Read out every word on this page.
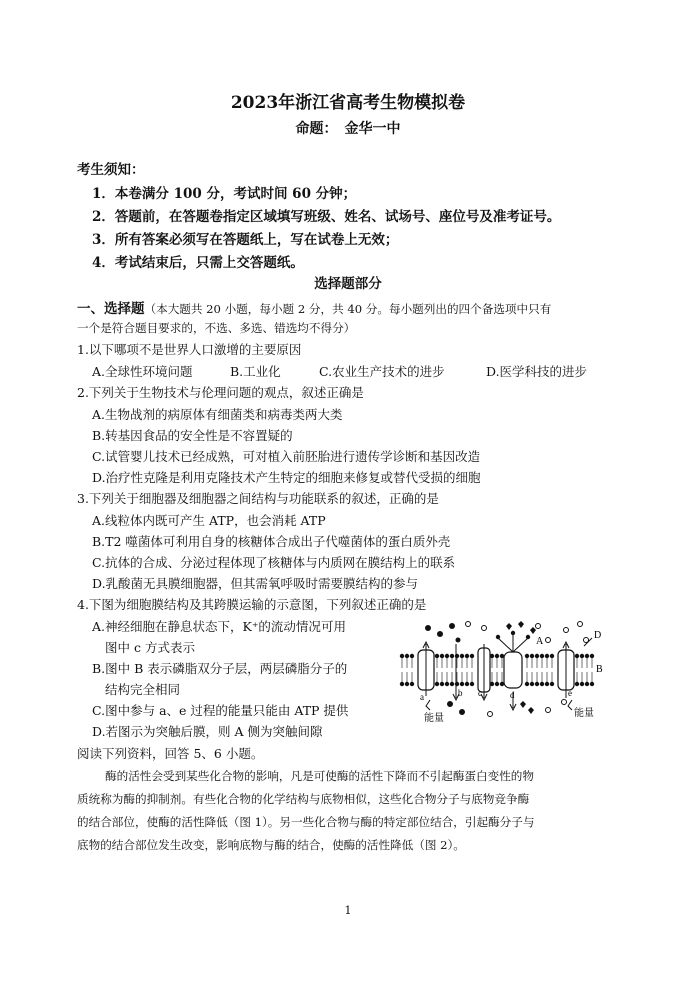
2023年浙江省高考生物模拟卷
命题：　金华一中
考生须知：
1．本卷满分 100 分，考试时间 60 分钟；
2．答题前，在答题卷指定区域填写班级、姓名、试场号、座位号及准考证号。
3．所有答案必须写在答题纸上，写在试卷上无效；
4．考试结束后，只需上交答题纸。
选择题部分
一、选择题（本大题共 20 小题，每小题 2 分，共 40 分。每小题列出的四个备选项中只有
一个是符合题目要求的，不选、多选、错选均不得分）
1.以下哪项不是世界人口激增的主要原因
A.全球性环境问题	B.工业化	C.农业生产技术的进步	D.医学科技的进步
2.下列关于生物技术与伦理问题的观点，叙述正确是
A.生物战剂的病原体有细菌类和病毒类两大类
B.转基因食品的安全性是不容置疑的
C.试管婴儿技术已经成熟，可对植入前胚胎进行遗传学诊断和基因改造
D.治疗性克隆是利用克隆技术产生特定的细胞来修复或替代受损的细胞
3.下列关于细胞器及细胞器之间结构与功能联系的叙述，正确的是
A.线粒体内既可产生 ATP，也会消耗 ATP
B.T2 噬菌体可利用自身的核糖体合成出子代噬菌体的蛋白质外壳
C.抗体的合成、分泌过程体现了核糖体与内质网在膜结构上的联系
D.乳酸菌无具膜细胞器，但其需氧呼吸时需要膜结构的参与
4.下图为细胞膜结构及其跨膜运输的示意图，下列叙述正确的是
A.神经细胞在静息状态下，K⁺的流动情况可用
图中 c 方式表示
B.图中 B 表示磷脂双分子层，两层磷脂分子的
结构完全相同
C.图中参与 a、e 过程的能量只能由 ATP 提供
D.若图示为突触后膜，则 A 侧为突触间隙
A
D
B
a	b c	d	e
能量	能量
阅读下列资料，回答 5、6 小题。
酶的活性会受到某些化合物的影响，凡是可使酶的活性下降而不引起酶蛋白变性的物
质统称为酶的抑制剂。有些化合物的化学结构与底物相似，这些化合物分子与底物竞争酶
的结合部位，使酶的活性降低（图 1）。另一些化合物与酶的特定部位结合，引起酶分子与
底物的结合部位发生改变，影响底物与酶的结合，使酶的活性降低（图 2）。
1
